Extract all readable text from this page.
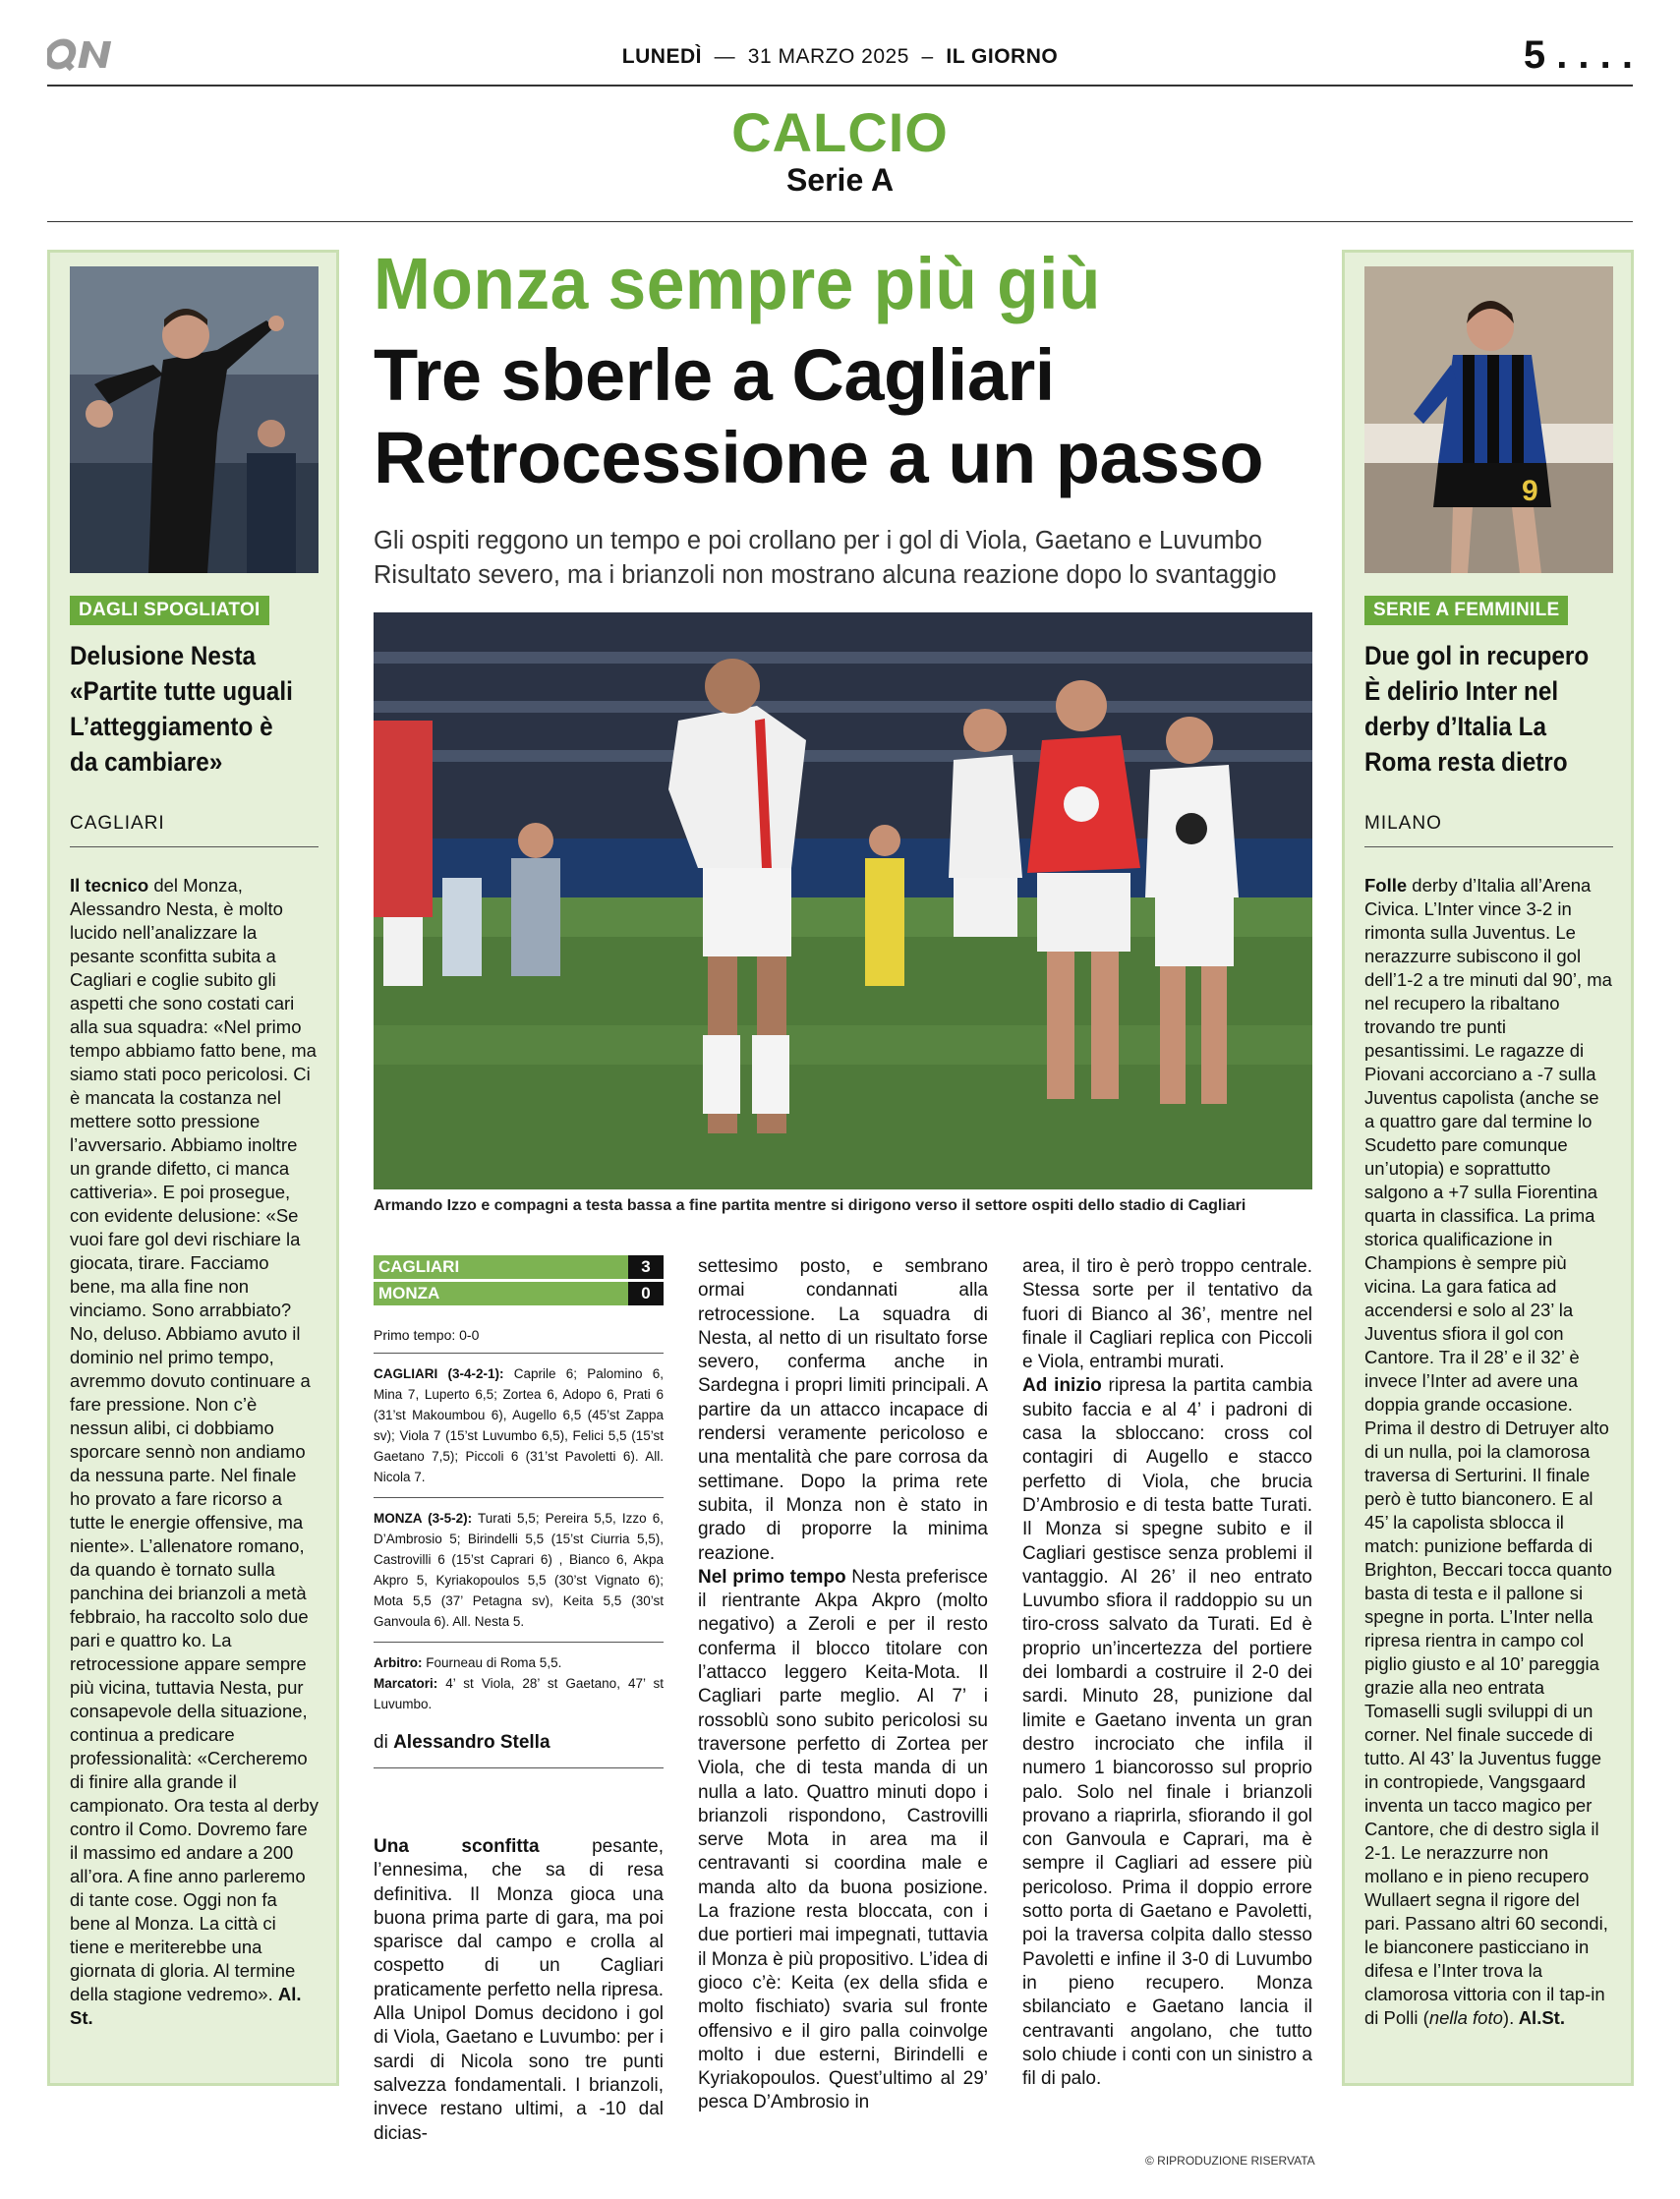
LUNEDÌ  —  31 MARZO 2025  –  IL GIORNO	5 . . . .
CALCIO
Serie A
DAGLI SPOGLIATOI
Delusione Nesta «Partite tutte uguali L’atteggiamento è da cambiare»
CAGLIARI
Il tecnico del Monza, Alessandro Nesta, è molto lucido nell’analizzare la pesante sconfitta subita a Cagliari e coglie subito gli aspetti che sono costati cari alla sua squadra: «Nel primo tempo abbiamo fatto bene, ma siamo stati poco pericolosi. Ci è mancata la costanza nel mettere sotto pressione l’avversario. Abbiamo inoltre un grande difetto, ci manca cattiveria». E poi prosegue, con evidente delusione: «Se vuoi fare gol devi rischiare la giocata, tirare. Facciamo bene, ma alla fine non vinciamo. Sono arrabbiato? No, deluso. Abbiamo avuto il dominio nel primo tempo, avremmo dovuto continuare a fare pressione. Non c’è nessun alibi, ci dobbiamo sporcare sennò non andiamo da nessuna parte. Nel finale ho provato a fare ricorso a tutte le energie offensive, ma niente». L’allenatore romano, da quando è tornato sulla panchina dei brianzoli a metà febbraio, ha raccolto solo due pari e quattro ko. La retrocessione appare sempre più vicina, tuttavia Nesta, pur consapevole della situazione, continua a predicare professionalità: «Cercheremo di finire alla grande il campionato. Ora testa al derby contro il Como. Dovremo fare il massimo ed andare a 200 all’ora. A fine anno parleremo di tante cose. Oggi non fa bene al Monza. La città ci tiene e meriterebbe una giornata di gloria. Al termine della stagione vedremo». Al. St.
9
SERIE A FEMMINILE
Due gol in recupero È delirio Inter nel derby d’Italia La Roma resta dietro
MILANO
Folle derby d’Italia all’Arena Civica. L’Inter vince 3-2 in rimonta sulla Juventus. Le nerazzurre subiscono il gol dell’1-2 a tre minuti dal 90’, ma nel recupero la ribaltano trovando tre punti pesantissimi. Le ragazze di Piovani accorciano a -7 sulla Juventus capolista (anche se a quattro gare dal termine lo Scudetto pare comunque un’utopia) e soprattutto salgono a +7 sulla Fiorentina quarta in classifica. La prima storica qualificazione in Champions è sempre più vicina. La gara fatica ad accendersi e solo al 23’ la Juventus sfiora il gol con Cantore. Tra il 28’ e il 32’ è invece l’Inter ad avere una doppia grande occasione. Prima il destro di Detruyer alto di un nulla, poi la clamorosa traversa di Serturini. Il finale però è tutto bianconero. E al 45’ la capolista sblocca il match: punizione beffarda di Brighton, Beccari tocca quanto basta di testa e il pallone si spegne in porta. L’Inter nella ripresa rientra in campo col piglio giusto e al 10’ pareggia grazie alla neo entrata Tomaselli sugli sviluppi di un corner. Nel finale succede di tutto. Al 43’ la Juventus fugge in contropiede, Vangsgaard inventa un tacco magico per Cantore, che di destro sigla il 2-1. Le nerazzurre non mollano e in pieno recupero Wullaert segna il rigore del pari. Passano altri 60 secondi, le bianconere pasticciano in difesa e l’Inter trova la clamorosa vittoria con il tap-in di Polli (nella foto). Al.St.
Monza sempre più giù
Tre sberle a Cagliari
Retrocessione a un passo
Gli ospiti reggono un tempo e poi crollano per i gol di Viola, Gaetano e Luvumbo
Risultato severo, ma i brianzoli non mostrano alcuna reazione dopo lo svantaggio
Armando Izzo e compagni a testa bassa a fine partita mentre si dirigono verso il settore ospiti dello stadio di Cagliari
CAGLIARI	3
MONZA	0
Primo tempo: 0-0
CAGLIARI (3-4-2-1): Caprile 6; Palomino 6, Mina 7, Luperto 6,5; Zortea 6, Adopo 6, Prati 6 (31’st Makoumbou 6), Augello 6,5 (45’st Zappa sv); Viola 7 (15’st Luvumbo 6,5), Felici 5,5 (15’st Gaetano 7,5); Piccoli 6 (31’st Pavoletti 6). All. Nicola 7.
MONZA (3-5-2): Turati 5,5; Pereira 5,5, Izzo 6, D’Ambrosio 5; Birindelli 5,5 (15’st Ciurria 5,5), Castrovilli 6 (15’st Caprari 6) , Bianco 6, Akpa Akpro 5, Kyriakopoulos 5,5 (30’st Vignato 6); Mota 5,5 (37’ Petagna sv), Keita 5,5 (30’st Ganvoula 6). All. Nesta 5.
Arbitro: Fourneau di Roma 5,5.
Marcatori: 4’ st Viola, 28’ st Gaetano, 47’ st Luvumbo.
di Alessandro Stella
Una sconfitta pesante, l’ennesima, che sa di resa definitiva. Il Monza gioca una buona prima parte di gara, ma poi sparisce dal campo e crolla al cospetto di un Cagliari praticamente perfetto nella ripresa. Alla Unipol Domus decidono i gol di Viola, Gaetano e Luvumbo: per i sardi di Nicola sono tre punti salvezza fondamentali. I brianzoli, invece restano ultimi, a -10 dal dicias-
settesimo posto, e sembrano ormai condannati alla retrocessione. La squadra di Nesta, al netto di un risultato forse severo, conferma anche in Sardegna i propri limiti principali. A partire da un attacco incapace di rendersi veramente pericoloso e una mentalità che pare corrosa da settimane. Dopo la prima rete subita, il Monza non è stato in grado di proporre la minima reazione.
Nel primo tempo Nesta preferisce il rientrante Akpa Akpro (molto negativo) a Zeroli e per il resto conferma il blocco titolare con l’attacco leggero Keita-Mota. Il Cagliari parte meglio. Al 7’ i rossoblù sono subito pericolosi su traversone perfetto di Zortea per Viola, che di testa manda di un nulla a lato. Quattro minuti dopo i brianzoli rispondono, Castrovilli serve Mota in area ma il centravanti si coordina male e manda alto da buona posizione. La frazione resta bloccata, con i due portieri mai impegnati, tuttavia il Monza è più propositivo. L’idea di gioco c’è: Keita (ex della sfida e molto fischiato) svaria sul fronte offensivo e il giro palla coinvolge molto i due esterni, Birindelli e Kyriakopoulos. Quest’ultimo al 29’ pesca D’Ambrosio in
area, il tiro è però troppo centrale. Stessa sorte per il tentativo da fuori di Bianco al 36’, mentre nel finale il Cagliari replica con Piccoli e Viola, entrambi murati.
Ad inizio ripresa la partita cambia subito faccia e al 4’ i padroni di casa la sbloccano: cross col contagiri di Augello e stacco perfetto di Viola, che brucia D’Ambrosio e di testa batte Turati. Il Monza si spegne subito e il Cagliari gestisce senza problemi il vantaggio. Al 26’ il neo entrato Luvumbo sfiora il raddoppio su un tiro-cross salvato da Turati. Ed è proprio un’incertezza del portiere dei lombardi a costruire il 2-0 dei sardi. Minuto 28, punizione dal limite e Gaetano inventa un gran destro incrociato che infila il numero 1 biancorosso sul proprio palo. Solo nel finale i brianzoli provano a riaprirla, sfiorando il gol con Ganvoula e Caprari, ma è sempre il Cagliari ad essere più pericoloso. Prima il doppio errore sotto porta di Gaetano e Pavoletti, poi la traversa colpita dallo stesso Pavoletti e infine il 3-0 di Luvumbo in pieno recupero. Monza sbilanciato e Gaetano lancia il centravanti angolano, che tutto solo chiude i conti con un sinistro a fil di palo.
© RIPRODUZIONE RISERVATA
